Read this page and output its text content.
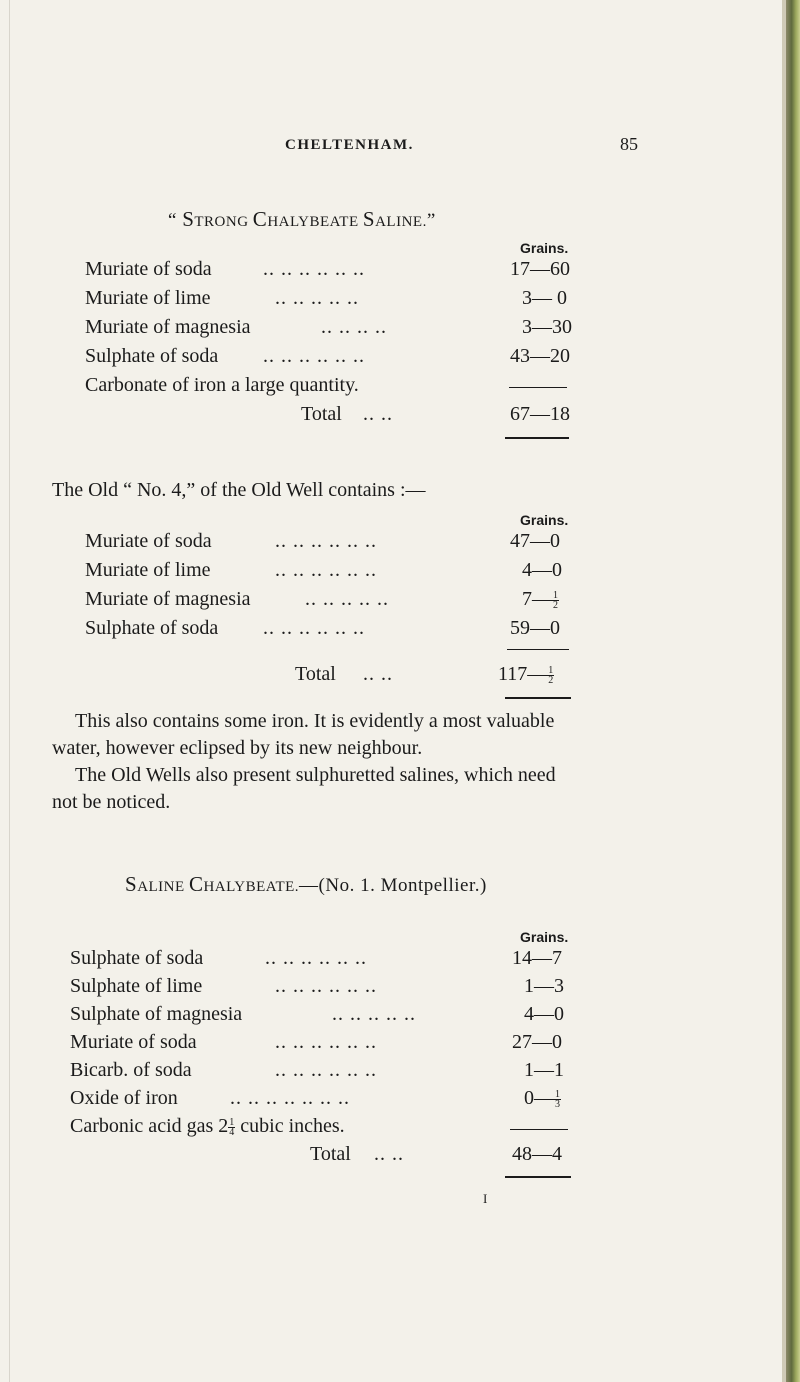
CHELTENHAM.	85
“ STRONG CHALYBEATE SALINE.”
Grains.
Muriate of soda	.. .. .. .. .. ..	17—60
Muriate of lime	.. .. .. .. ..	3— 0
Muriate of magnesia	.. .. .. ..	3—30
Sulphate of soda .. .. .. .. .. ..	43—20
Carbonate of iron a large quantity.
Total .. ..	67—18
The Old “ No. 4,” of the Old Well contains :—
Grains.
Muriate of soda	.. .. .. .. .. ..	47—0
Muriate of lime	.. .. .. .. .. ..	4—0
Muriate of magnesia	.. .. .. .. ..	7— $\frac{1}{2}$
Sulphate of soda .. .. .. .. .. ..	59—0
Total .. ..	117— $\frac{1}{2}$
This also contains some iron. It is evidently a most valuable
water, however eclipsed by its new neighbour.
The Old Wells also present sulphuretted salines, which need
not be noticed.
SALINE CHALYBEATE.—(No. 1. Montpellier.)
Grains.
Sulphate of soda	.. .. .. .. .. ..	14—7
Sulphate of lime	.. .. .. .. .. ..	1—3
Sulphate of magnesia	.. .. .. .. ..	4—0
Muriate of soda	.. .. .. .. .. ..	27—0
Bicarb. of soda	.. .. .. .. .. ..	1—1
Oxide of iron	.. .. .. .. .. .. ..	0— $\frac{1}{3}$
Carbonic acid gas $2 \frac{1}{4}$ cubic inches.
Total .. ..	48—4
I
